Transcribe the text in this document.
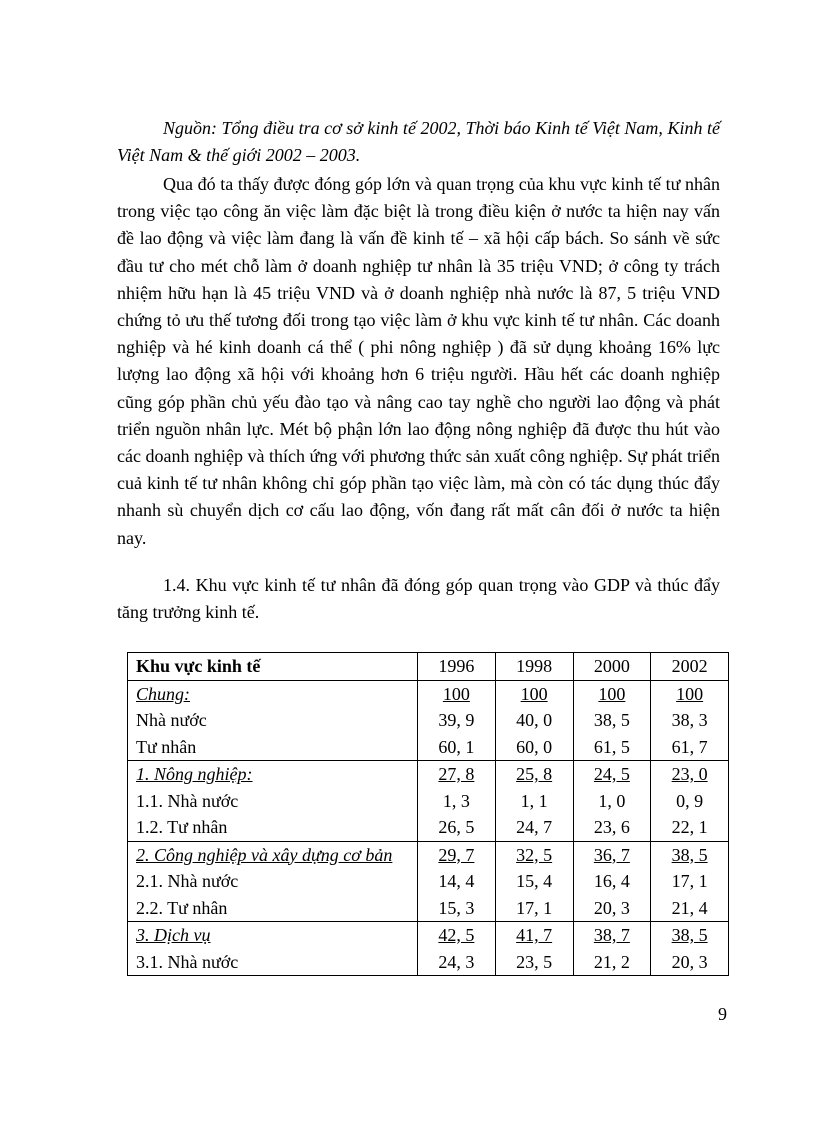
Nguồn: Tổng điều tra cơ sở kinh tế 2002, Thời báo Kinh tế Việt Nam, Kinh tế Việt Nam & thế giới 2002 – 2003.

Qua đó ta thấy được đóng góp lớn và quan trọng của khu vực kinh tế tư nhân trong việc tạo công ăn việc làm đặc biệt là trong điều kiện ở nước ta hiện nay vấn đề lao động và việc làm đang là vấn đề kinh tế – xã hội cấp bách. So sánh về sức đầu tư cho mét chỗ làm ở doanh nghiệp tư nhân là 35 triệu VND; ở công ty trách nhiệm hữu hạn là 45 triệu VND và ở doanh nghiệp nhà nước là 87, 5 triệu VND chứng tỏ ưu thế tương đối trong tạo việc làm ở khu vực kinh tế tư nhân. Các doanh nghiệp và hé kinh doanh cá thể ( phi nông nghiệp ) đã sử dụng khoảng 16% lực lượng lao động xã hội với khoảng hơn 6 triệu người. Hầu hết các doanh nghiệp cũng góp phần chủ yếu đào tạo và nâng cao tay nghề cho người lao động và phát triển nguồn nhân lực. Mét bộ phận lớn lao động nông nghiệp đã được thu hút vào các doanh nghiệp và thích ứng với phương thức sản xuất công nghiệp. Sự phát triển cuả kinh tế tư nhân không chỉ góp phần tạo việc làm, mà còn có tác dụng thúc đẩy nhanh sù chuyển dịch cơ cấu lao động, vốn đang rất mất cân đối ở nước ta hiện nay.

1.4. Khu vực kinh tế tư nhân đã đóng góp quan trọng vào GDP và thúc đẩy tăng trưởng kinh tế.

Khu vực kinh tế	1996	1998	2000	2002
Chung:	100	100	100	100
Nhà nước	39, 9	40, 0	38, 5	38, 3
Tư nhân	60, 1	60, 0	61, 5	61, 7
1. Nông nghiệp:	27, 8	25, 8	24, 5	23, 0
1.1. Nhà nước	1, 3	1, 1	1, 0	0, 9
1.2. Tư nhân	26, 5	24, 7	23, 6	22, 1
2. Công nghiệp và xây dựng cơ bản	29, 7	32, 5	36, 7	38, 5
2.1. Nhà nước	14, 4	15, 4	16, 4	17, 1
2.2. Tư nhân	15, 3	17, 1	20, 3	21, 4
3. Dịch vụ	42, 5	41, 7	38, 7	38, 5
3.1. Nhà nước	24, 3	23, 5	21, 2	20, 3
9
